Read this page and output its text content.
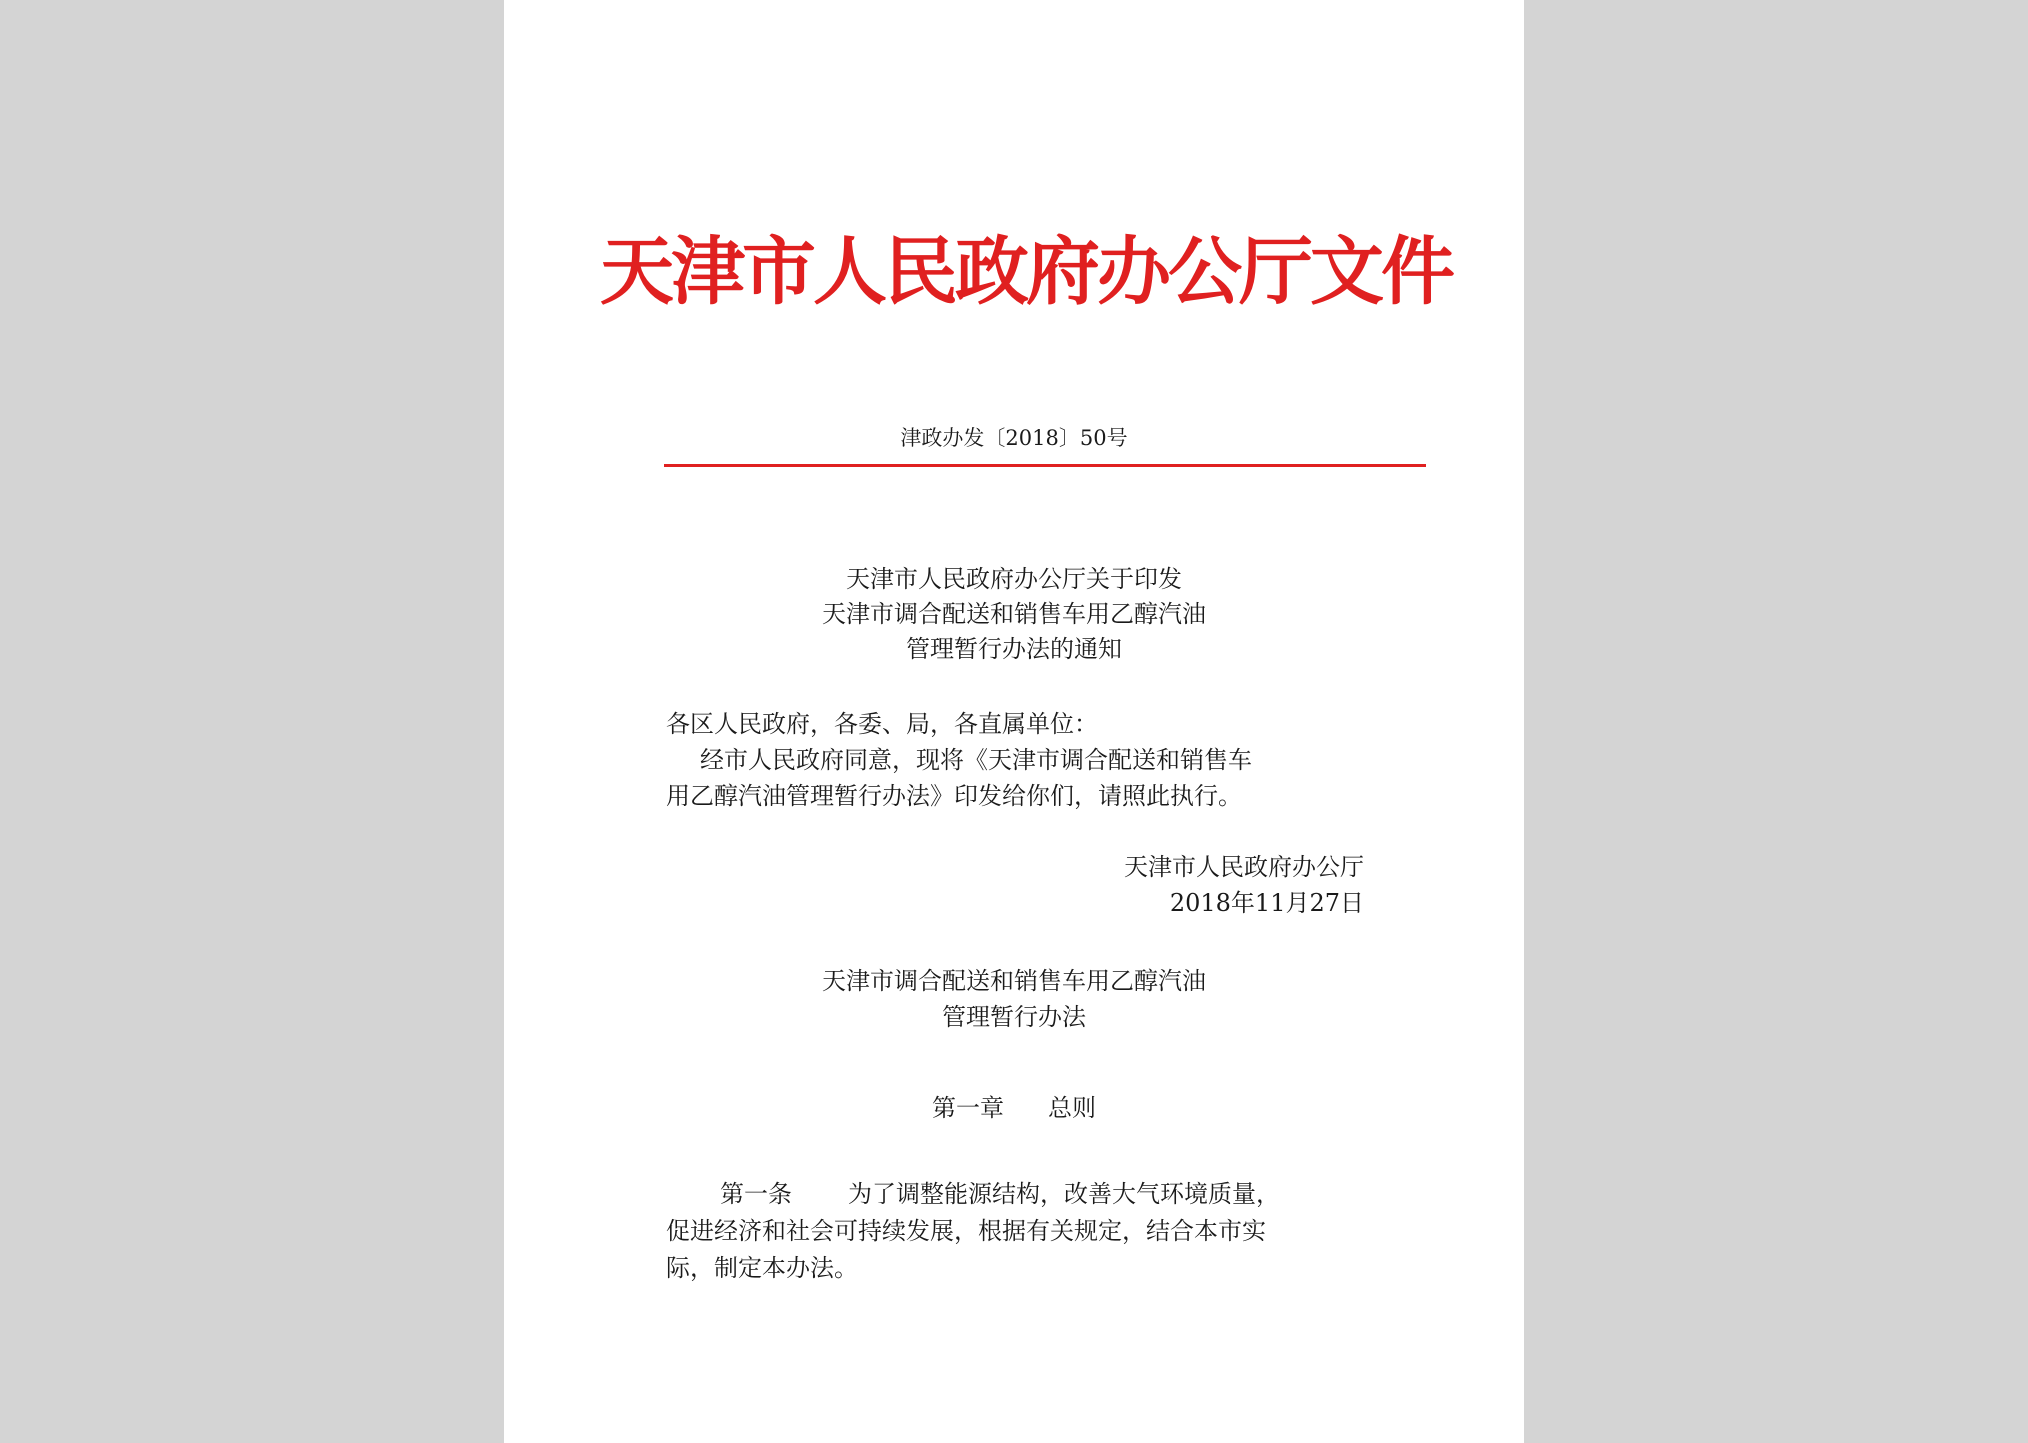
天津市人民政府办公厅文件
津政办发〔2018〕50号
天津市人民政府办公厅关于印发
天津市调合配送和销售车用乙醇汽油
管理暂行办法的通知
各区人民政府，各委、局，各直属单位：
经市人民政府同意，现将《天津市调合配送和销售车
用乙醇汽油管理暂行办法》印发给你们，请照此执行。
天津市人民政府办公厅
2018年11月27日
天津市调合配送和销售车用乙醇汽油
管理暂行办法
第一章 总则
第一条 为了调整能源结构，改善大气环境质量，
促进经济和社会可持续发展，根据有关规定，结合本市实
际，制定本办法。
